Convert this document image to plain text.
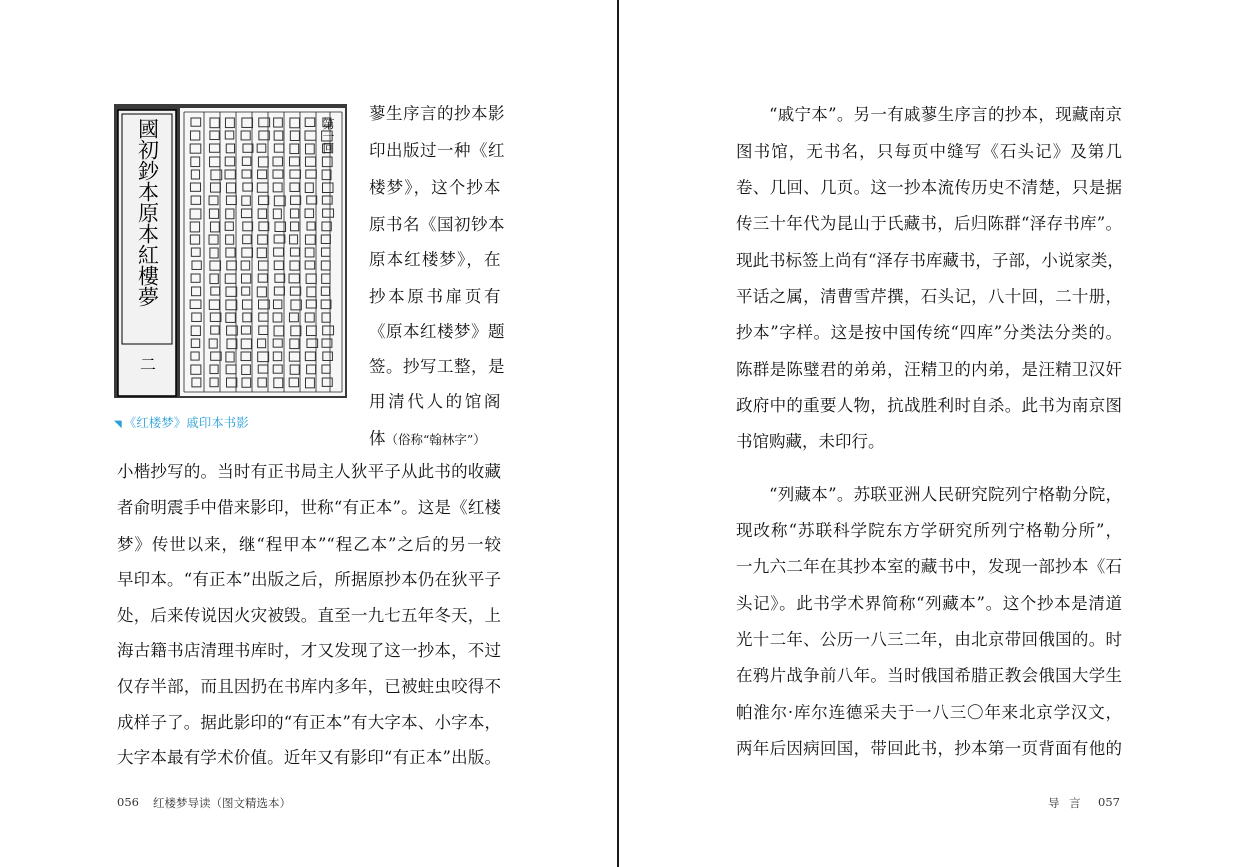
國初鈔本原本紅樓夢
二
第一回
◥ 《红楼梦》戚印本书影
蓼生序言的抄本影
印出版过一种《红
楼梦》，这个抄本
原书名《国初钞本
原本红楼梦》，在
抄本原书扉页有
《原本红楼梦》题
签。抄写工整，是
用清代人的馆阁
体（俗称“翰林字”）
小楷抄写的。当时有正书局主人狄平子从此书的收藏
者俞明震手中借来影印，世称“有正本”。这是《红楼
梦》传世以来，继“程甲本”“程乙本”之后的另一较
早印本。“有正本”出版之后，所据原抄本仍在狄平子
处，后来传说因火灾被毁。直至一九七五年冬天，上
海古籍书店清理书库时，才又发现了这一抄本，不过
仅存半部，而且因扔在书库内多年，已被蛀虫咬得不
成样子了。据此影印的“有正本”有大字本、小字本，
大字本最有学术价值。近年又有影印“有正本”出版。
056 红楼梦导读（图文精选本）
“戚宁本”。另一有戚蓼生序言的抄本，现藏南京
图书馆，无书名，只每页中缝写《石头记》及第几
卷、几回、几页。这一抄本流传历史不清楚，只是据
传三十年代为昆山于氏藏书，后归陈群“泽存书库”。
现此书标签上尚有“泽存书库藏书，子部，小说家类，
平话之属，清曹雪芹撰，石头记，八十回，二十册，
抄本”字样。这是按中国传统“四库”分类法分类的。
陈群是陈璧君的弟弟，汪精卫的内弟，是汪精卫汉奸
政府中的重要人物，抗战胜利时自杀。此书为南京图
书馆购藏，未印行。
“列藏本”。苏联亚洲人民研究院列宁格勒分院，
现改称“苏联科学院东方学研究所列宁格勒分所”，
一九六二年在其抄本室的藏书中，发现一部抄本《石
头记》。此书学术界简称“列藏本”。这个抄本是清道
光十二年、公历一八三二年，由北京带回俄国的。时
在鸦片战争前八年。当时俄国希腊正教会俄国大学生
帕淮尔·库尔连德采夫于一八三〇年来北京学汉文，
两年后因病回国，带回此书，抄本第一页背面有他的
导 言 057
